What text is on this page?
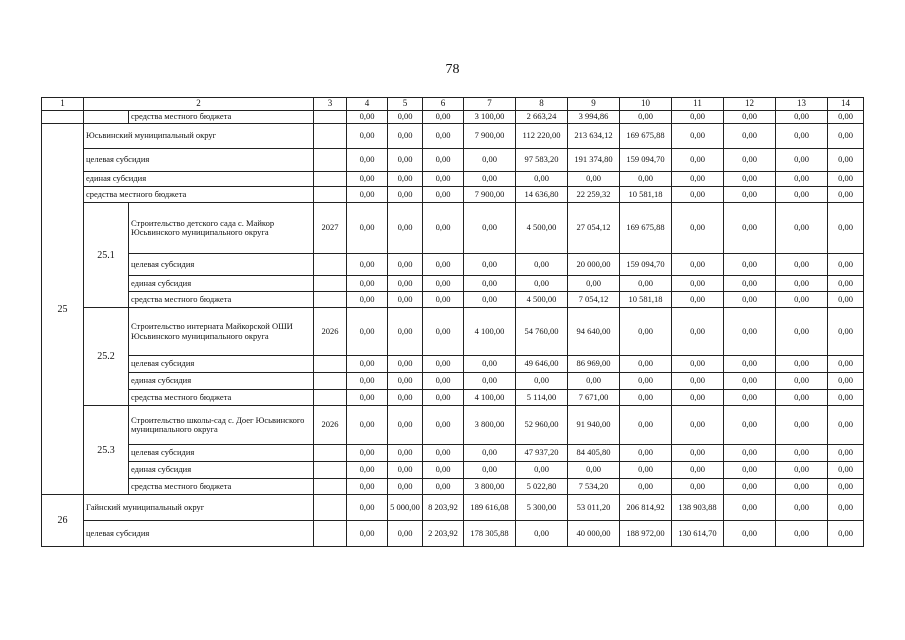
78
1	2		3	4	5	6	7	8	9	10	11	12	13	14
		средства местного бюджета		0,00	0,00	0,00	3 100,00	2 663,24	3 994,86	0,00	0,00	0,00	0,00	0,00
25	Юсьвинский муниципальный округ			0,00	0,00	0,00	7 900,00	112 220,00	213 634,12	169 675,88	0,00	0,00	0,00	0,00
	целевая субсидия			0,00	0,00	0,00	0,00	97 583,20	191 374,80	159 094,70	0,00	0,00	0,00	0,00
	единая субсидия			0,00	0,00	0,00	0,00	0,00	0,00	0,00	0,00	0,00	0,00	0,00
	средства местного бюджета			0,00	0,00	0,00	7 900,00	14 636,80	22 259,32	10 581,18	0,00	0,00	0,00	0,00
	25.1	Строительство детского сада с. Майкор Юсьвинского муниципального округа	2027	0,00	0,00	0,00	0,00	4 500,00	27 054,12	169 675,88	0,00	0,00	0,00	0,00
		целевая субсидия		0,00	0,00	0,00	0,00	0,00	20 000,00	159 094,70	0,00	0,00	0,00	0,00
		единая субсидия		0,00	0,00	0,00	0,00	0,00	0,00	0,00	0,00	0,00	0,00	0,00
		средства местного бюджета		0,00	0,00	0,00	0,00	4 500,00	7 054,12	10 581,18	0,00	0,00	0,00	0,00
	25.2	Строительство интерната Майкорской ОШИ Юсьвинского муниципального округа	2026	0,00	0,00	0,00	4 100,00	54 760,00	94 640,00	0,00	0,00	0,00	0,00	0,00
		целевая субсидия		0,00	0,00	0,00	0,00	49 646,00	86 969,00	0,00	0,00	0,00	0,00	0,00
		единая субсидия		0,00	0,00	0,00	0,00	0,00	0,00	0,00	0,00	0,00	0,00	0,00
		средства местного бюджета		0,00	0,00	0,00	4 100,00	5 114,00	7 671,00	0,00	0,00	0,00	0,00	0,00
	25.3	Строительство школы-сад с. Доег Юсьвинского муниципального округа	2026	0,00	0,00	0,00	3 800,00	52 960,00	91 940,00	0,00	0,00	0,00	0,00	0,00
		целевая субсидия		0,00	0,00	0,00	0,00	47 937,20	84 405,80	0,00	0,00	0,00	0,00	0,00
		единая субсидия		0,00	0,00	0,00	0,00	0,00	0,00	0,00	0,00	0,00	0,00	0,00
		средства местного бюджета		0,00	0,00	0,00	3 800,00	5 022,80	7 534,20	0,00	0,00	0,00	0,00	0,00
26	Гайнский муниципальный округ			0,00	5 000,00	8 203,92	189 616,08	5 300,00	53 011,20	206 814,92	138 903,88	0,00	0,00	0,00
	целевая субсидия			0,00	0,00	2 203,92	178 305,88	0,00	40 000,00	188 972,00	130 614,70	0,00	0,00	0,00
